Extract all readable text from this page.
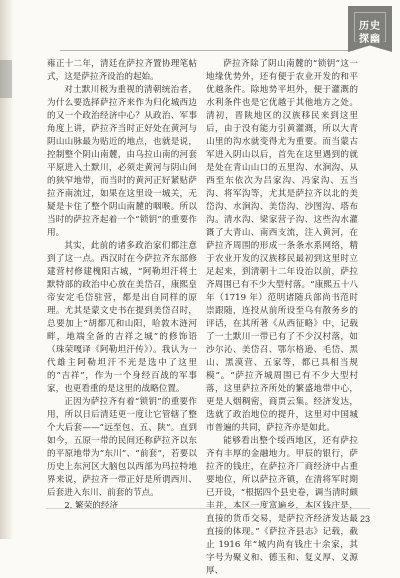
历史
探幽

雍正十二年，清廷在萨拉齐置协理笔帖式，这是萨拉齐设治的起始。

对土默川极为重视的清朝统治者，为什么要选择萨拉齐来作为归化城西边的又一个政治经济中心？从政治、军事角度上讲，萨拉齐当时正好处在黄河与阴山山脉最为贴近的地点，也就是说，控制整个阴山南麓，由乌拉山南的河套平原进入土默川，必须走黄河与阴山间的狭窄地带，而当时的黄河正好紧贴萨拉齐南流过，如果在这里设一城关，无疑是卡住了整个阴山南麓的咽喉。所以当时的萨拉齐起着一个“锁钥”的重要作用。

其实，此前的诸多政治家们都注意到了这一点。西汉时在今萨拉齐东部修建营村修建槐阳古城，“阿勒坦汗将土默特部的政治中心放在美岱召，康熙皇帝安定毛岱驻营，都是出自同样的原理。尤其是蒙文史书在提到美岱召时，总要加上“胡都兀和山阳，哈敦木涟河畔，地端全备的吉祥之城”的修饰语（珠荣嘎译《阿勒坦汗传》）。我认为一代雄主阿勒坦汗不光是选中了这里的“吉祥”，作为一个身经百战的军事家，也更看重的是这里的战略位置。

正因为萨拉齐有着“锁钥”的重要作用，所以日后清廷更一度让它管辖了整个大后套——“远至包、五、陕”。直到如今，五原一带的民间还称萨拉齐以东的平原地带为“东川”、“前套”，若要以历史上东河区大脑包以西部为玛拉特地界来说，萨拉齐一带正好是所谓西川、后套进入东川、前套的节点。

2. 繁荣的经济

萨拉齐除了阴山南麓的“锁钥”这一地缘优势外，还有便于农业开发的和平优越条件。除地势平坦外，便于灌溉的水利条件也是它优越于其他地方之处。清初，晋陕地区的汉族移民来到这里后，由于没有能力引黄灌溉，所以大青山里的沟水就变得尤为重要。而当蒙古军进入阴山以后，首先在这里遇到的就是处在青山山口的五里沟、水涧沟、从西至东依次为吕家沟、冯家沟、五当沟、将军沟等，尤其是萨拉齐以北的美岱沟、水涧沟、美岱沟、沙图沟、塔布沟。清水沟、梁家营子沟、这些沟水灌溉了大青山、南西支流，注入黄河，在萨拉齐周围的形成一条条水系网络，精于农业开发的汉族移民最初到这里时立足起来，到清朝十二年设治以前，萨拉齐周围已有不少大型村落。“康熙五十八年（1719 年）范明诸随兵部尚书范时崇跟随，连投从前所设至乌有散务乡的评话，在其所著《从西征略》中，记载了一土默川一带已有了不少汉村落，如沙尔沁、美岱召、鄂尔格逊、毛岱、黑山、黑漠营、五家等，都已具相当规模”。“萨拉齐城周围已有不少大型村落，这里萨拉齐所处的繁盛地带中心，更是人烟稠密，商贾云集。经济发达，选就了政治地位的提升，这里对中国城市普遍的共同，萨拉齐亦是如此。

能够看出整个绥西地区，还有萨拉齐有丰厚的金融地力。甲辰的银行，萨拉齐的钱庄，在萨拉齐厂商经济中占重要地位，所以萨拉齐镇，在清将军时期已开设，“根据四个县史卷，调当清时颇丰并，本区一度富遍乡，本区钱庄是，直接的货币交易，是萨拉齐经济发达最直接的体现。”《萨拉齐县志》记载，截止 1916 年“城内尚有钱庄十余家，其字号为聚义和、德玉和、复义厚、义源厚、

23
